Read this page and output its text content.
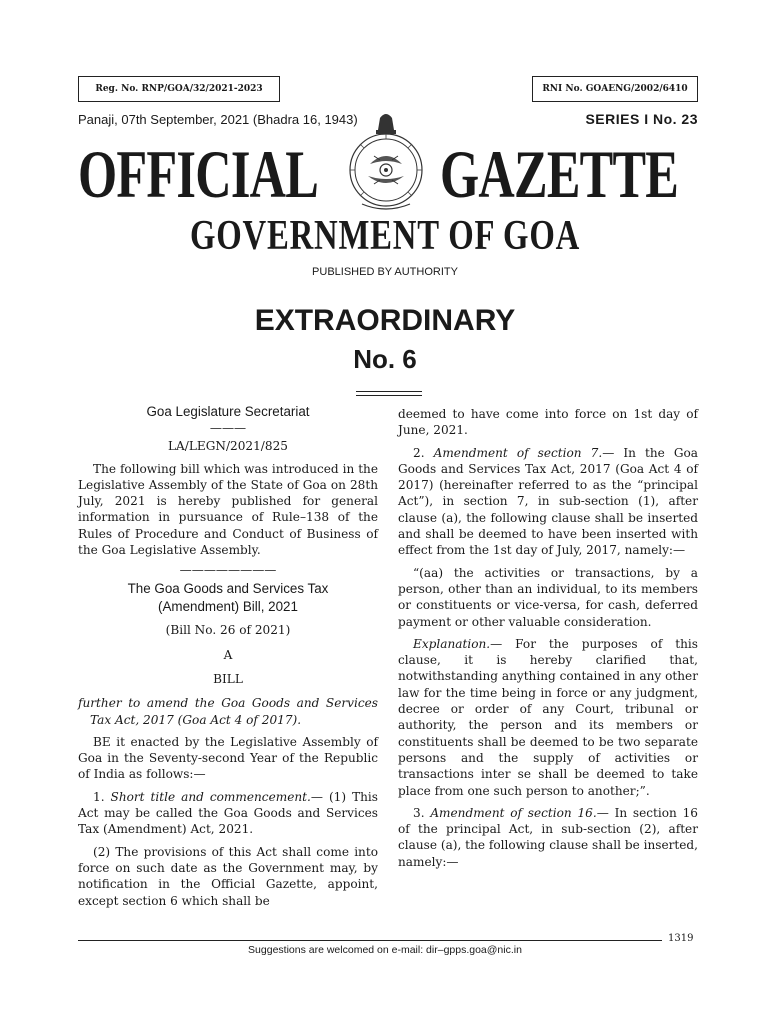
Reg. No. RNP/GOA/32/2021-2023	RNI No. GOAENG/2002/6410
Panaji, 07th September, 2021 (Bhadra 16, 1943)	SERIES I No. 23
OFFICIAL GAZETTE
GOVERNMENT OF GOA
PUBLISHED BY AUTHORITY
EXTRAORDINARY
No. 6

Goa Legislature Secretariat

———

LA/LEGN/2021/825

The following bill which was introduced in the Legislative Assembly of the State of Goa on 28th July, 2021 is hereby published for general information in pursuance of Rule–138 of the Rules of Procedure and Conduct of Business of the Goa Legislative Assembly.

————————

The Goa Goods and Services Tax

(Amendment) Bill, 2021

(Bill No. 26 of 2021)

A

BILL

further to amend the Goa Goods and Services Tax Act, 2017 (Goa Act 4 of 2017).

BE it enacted by the Legislative Assembly of Goa in the Seventy-second Year of the Republic of India as follows:—

1. Short title and commencement.— (1) This Act may be called the Goa Goods and Services Tax (Amendment) Act, 2021.

(2) The provisions of this Act shall come into force on such date as the Government may, by notification in the Official Gazette, appoint, except section 6 which shall be

deemed to have come into force on 1st day of June, 2021.

2. Amendment of section 7.— In the Goa Goods and Services Tax Act, 2017 (Goa Act 4 of 2017) (hereinafter referred to as the “principal Act”), in section 7, in sub-section (1), after clause (a), the following clause shall be inserted and shall be deemed to have been inserted with effect from the 1st day of July, 2017, namely:—

“(aa) the activities or transactions, by a person, other than an individual, to its members or constituents or vice-versa, for cash, deferred payment or other valuable consideration.

Explanation.— For the purposes of this clause, it is hereby clarified that, notwithstanding anything contained in any other law for the time being in force or any judgment, decree or order of any Court, tribunal or authority, the person and its members or constituents shall be deemed to be two separate persons and the supply of activities or transactions inter se shall be deemed to take place from one such person to another;”.

3. Amendment of section 16.— In section 16 of the principal Act, in sub-section (2), after clause (a), the following clause shall be inserted, namely:—

1319
Suggestions are welcomed on e-mail: dir–gpps.goa@nic.in
